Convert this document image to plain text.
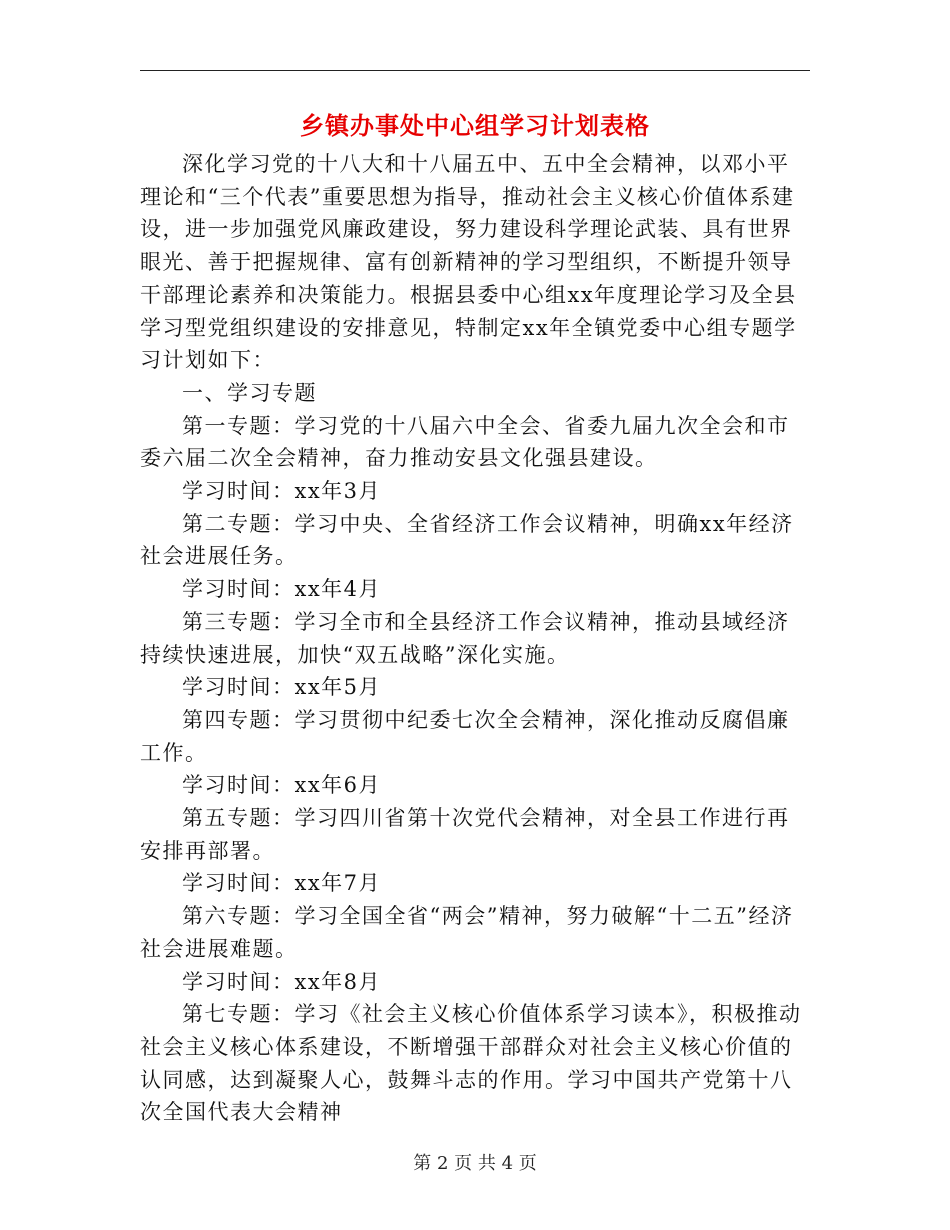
乡镇办事处中心组学习计划表格

深化学习党的十八大和十八届五中、五中全会精神，以邓小平理论和“三个代表”重要思想为指导，推动社会主义核心价值体系建设，进一步加强党风廉政建设，努力建设科学理论武装、具有世界眼光、善于把握规律、富有创新精神的学习型组织，不断提升领导干部理论素养和决策能力。根据县委中心组xx年度理论学习及全县学习型党组织建设的安排意见，特制定xx年全镇党委中心组专题学习计划如下：

一、学习专题

第一专题：学习党的十八届六中全会、省委九届九次全会和市委六届二次全会精神，奋力推动安县文化强县建设。

学习时间：xx年3月

第二专题：学习中央、全省经济工作会议精神，明确xx年经济社会进展任务。

学习时间：xx年4月

第三专题：学习全市和全县经济工作会议精神，推动县域经济持续快速进展，加快“双五战略”深化实施。

学习时间：xx年5月

第四专题：学习贯彻中纪委七次全会精神，深化推动反腐倡廉工作。

学习时间：xx年6月

第五专题：学习四川省第十次党代会精神，对全县工作进行再安排再部署。

学习时间：xx年7月

第六专题：学习全国全省“两会”精神，努力破解“十二五”经济社会进展难题。

学习时间：xx年8月

第七专题：学习《社会主义核心价值体系学习读本》，积极推动社会主义核心体系建设，不断增强干部群众对社会主义核心价值的认同感，达到凝聚人心，鼓舞斗志的作用。学习中国共产党第十八次全国代表大会精神

第 2 页 共 4 页
